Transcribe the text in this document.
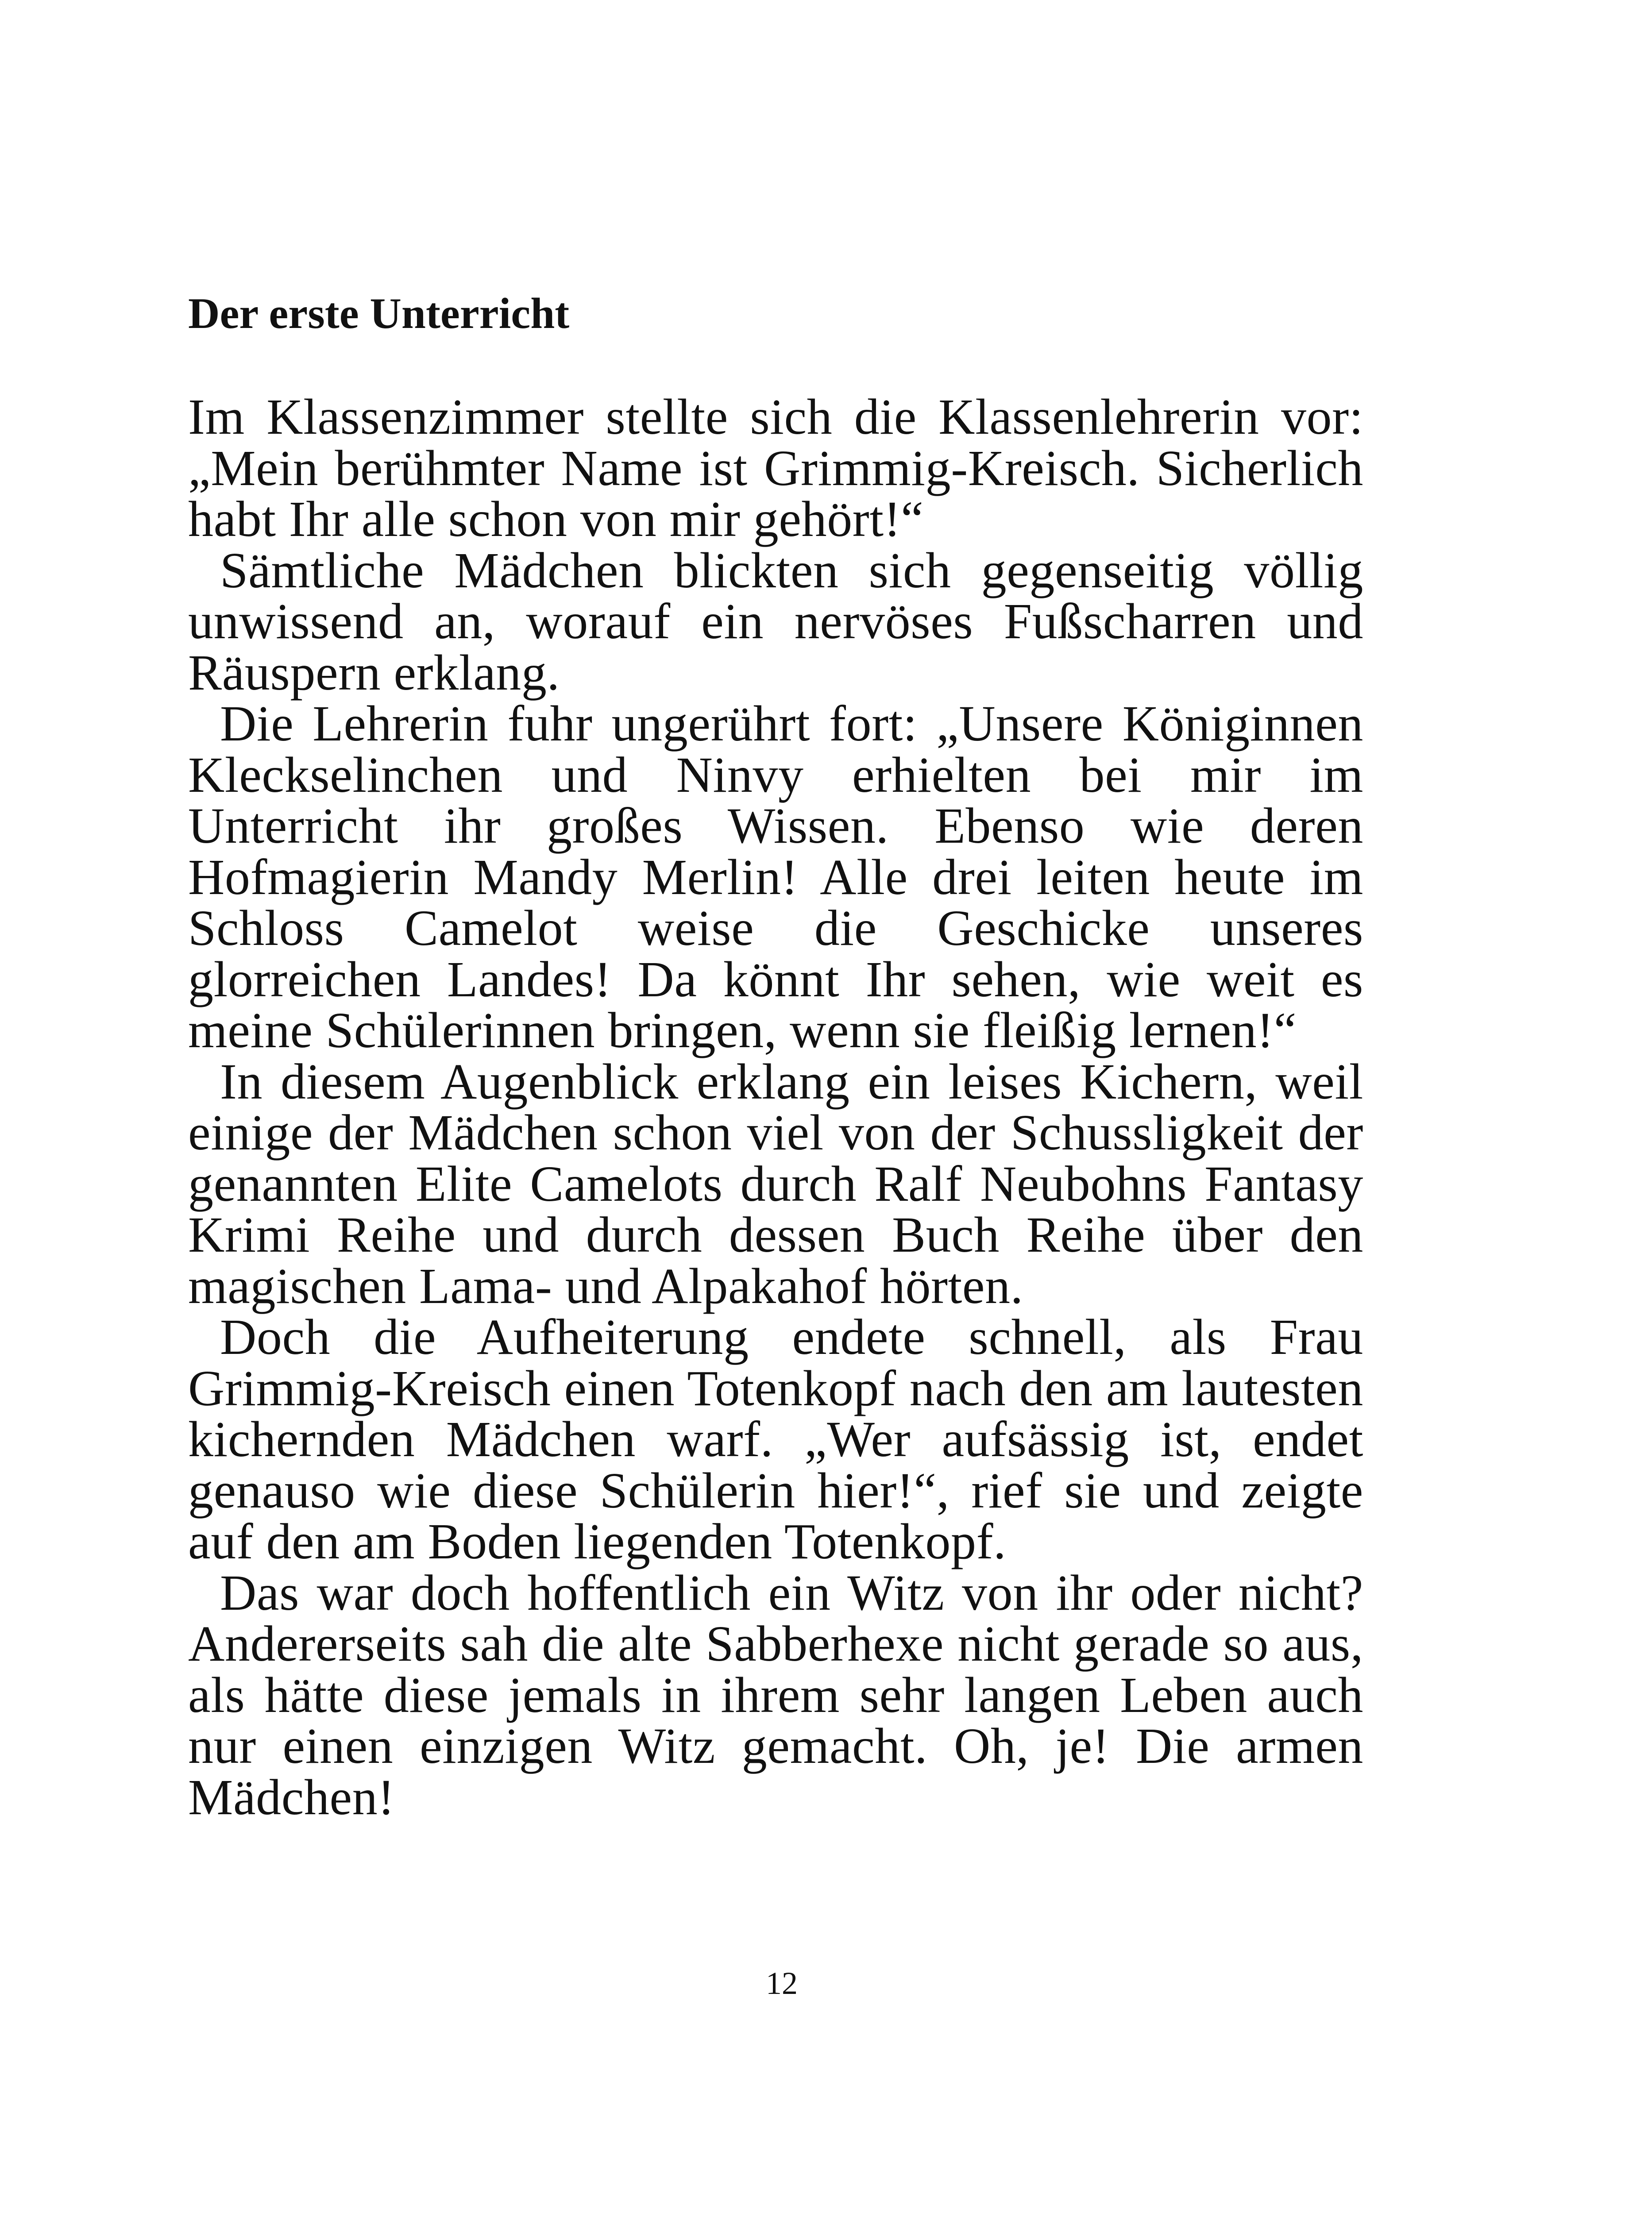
Der erste Unterricht

Im Klassenzimmer stellte sich die Klassenlehrerin vor: „Mein berühmter Name ist Grimmig-Kreisch. Sicherlich habt Ihr alle schon von mir gehört!“

Sämtliche Mädchen blickten sich gegenseitig völlig unwissend an, worauf ein nervöses Fußscharren und Räuspern erklang.

Die Lehrerin fuhr ungerührt fort: „Unsere Königinnen Kleckselinchen und Ninvy erhielten bei mir im Unterricht ihr großes Wissen. Ebenso wie deren Hofmagierin Mandy Merlin! Alle drei leiten heute im Schloss Camelot weise die Geschicke unseres glorreichen Landes! Da könnt Ihr sehen, wie weit es meine Schülerinnen bringen, wenn sie fleißig lernen!“

In diesem Augenblick erklang ein leises Kichern, weil einige der Mädchen schon viel von der Schussligkeit der genannten Elite Camelots durch Ralf Neubohns Fantasy Krimi Reihe und durch dessen Buch Reihe über den magischen Lama- und Alpakahof hörten.

Doch die Aufheiterung endete schnell, als Frau Grimmig-Kreisch einen Totenkopf nach den am lautesten kichernden Mädchen warf. „Wer aufsässig ist, endet genauso wie diese Schülerin hier!“, rief sie und zeigte auf den am Boden liegenden Totenkopf.

Das war doch hoffentlich ein Witz von ihr oder nicht? Andererseits sah die alte Sabberhexe nicht gerade so aus, als hätte diese jemals in ihrem sehr langen Leben auch nur einen einzigen Witz gemacht. Oh, je! Die armen Mädchen!

12
